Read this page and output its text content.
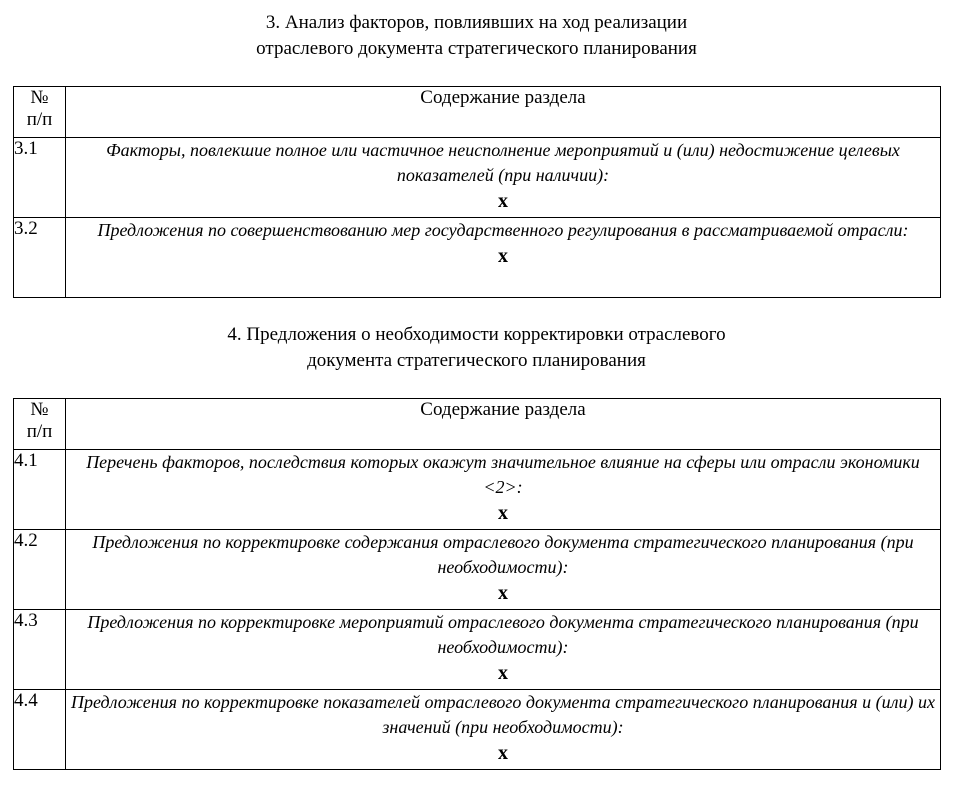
3. Анализ факторов, повлиявших на ход реализации
отраслевого документа стратегического планирования
№
п/п	Содержание раздела
3.1	Факторы, повлекшие полное или частичное неисполнение мероприятий и (или) недостижение целевых показателей (при наличии):
x

3.2	Предложения по совершенствованию мер государственного регулирования в рассматриваемой отрасли:
x
4. Предложения о необходимости корректировки отраслевого
документа стратегического планирования
№
п/п	Содержание раздела
4.1	Перечень факторов, последствия которых окажут значительное влияние на сферы или отрасли экономики <2>:
x

4.2	Предложения по корректировке содержания отраслевого документа стратегического планирования (при необходимости):
x

4.3	Предложения по корректировке мероприятий отраслевого документа стратегического планирования (при необходимости):
x

4.4	Предложения по корректировке показателей отраслевого документа стратегического планирования и (или) их значений (при необходимости):
x
